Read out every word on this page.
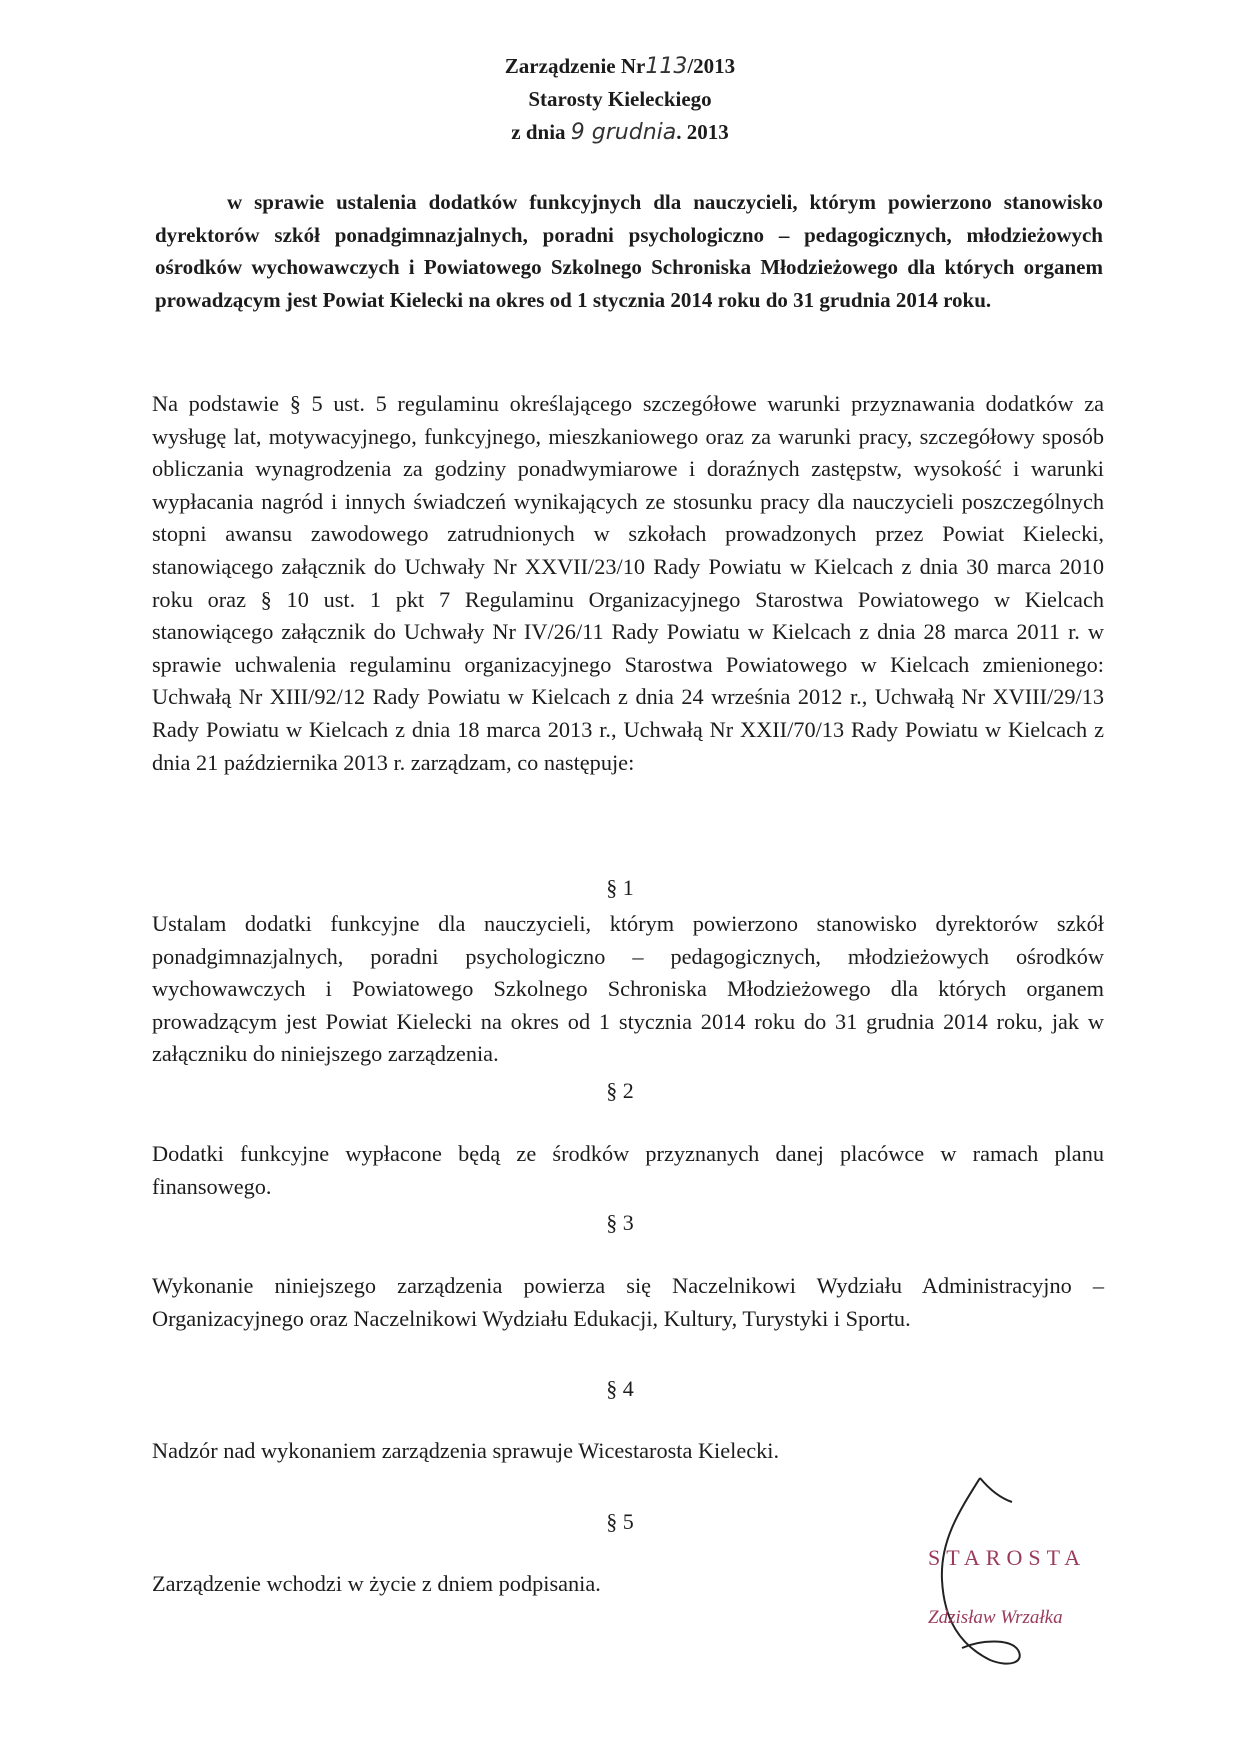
Zarządzenie Nr113/2013
Starosty Kieleckiego
z dnia 9 grudnia. 2013
w sprawie ustalenia dodatków funkcyjnych dla nauczycieli, którym powierzono stanowisko dyrektorów szkół ponadgimnazjalnych, poradni psychologiczno – pedagogicznych, młodzieżowych ośrodków wychowawczych i Powiatowego Szkolnego Schroniska Młodzieżowego dla których organem prowadzącym jest Powiat Kielecki na okres od 1 stycznia 2014 roku do 31 grudnia 2014 roku.
Na podstawie § 5 ust. 5 regulaminu określającego szczegółowe warunki przyznawania dodatków za wysługę lat, motywacyjnego, funkcyjnego, mieszkaniowego oraz za warunki pracy, szczegółowy sposób obliczania wynagrodzenia za godziny ponadwymiarowe i doraźnych zastępstw, wysokość i warunki wypłacania nagród i innych świadczeń wynikających ze stosunku pracy dla nauczycieli poszczególnych stopni awansu zawodowego zatrudnionych w szkołach prowadzonych przez Powiat Kielecki, stanowiącego załącznik do Uchwały Nr XXVII/23/10 Rady Powiatu w Kielcach z dnia 30 marca 2010 roku oraz § 10 ust. 1 pkt 7 Regulaminu Organizacyjnego Starostwa Powiatowego w Kielcach stanowiącego załącznik do Uchwały Nr IV/26/11 Rady Powiatu w Kielcach z dnia 28 marca 2011 r. w sprawie uchwalenia regulaminu organizacyjnego Starostwa Powiatowego w Kielcach zmienionego: Uchwałą Nr XIII/92/12 Rady Powiatu w Kielcach z dnia 24 września 2012 r., Uchwałą Nr XVIII/29/13 Rady Powiatu w Kielcach z dnia 18 marca 2013 r., Uchwałą Nr XXII/70/13 Rady Powiatu w Kielcach z dnia 21 października 2013 r. zarządzam, co następuje:
§ 1
Ustalam dodatki funkcyjne dla nauczycieli, którym powierzono stanowisko dyrektorów szkół ponadgimnazjalnych, poradni psychologiczno – pedagogicznych, młodzieżowych ośrodków wychowawczych i Powiatowego Szkolnego Schroniska Młodzieżowego dla których organem prowadzącym jest Powiat Kielecki na okres od 1 stycznia 2014 roku do 31 grudnia 2014 roku, jak w załączniku do niniejszego zarządzenia.
§ 2
Dodatki funkcyjne wypłacone będą ze środków przyznanych danej placówce w ramach planu finansowego.
§ 3
Wykonanie niniejszego zarządzenia powierza się Naczelnikowi Wydziału Administracyjno – Organizacyjnego oraz Naczelnikowi Wydziału Edukacji, Kultury, Turystyki i Sportu.
§ 4
Nadzór nad wykonaniem zarządzenia sprawuje Wicestarosta Kielecki.
§ 5
Zarządzenie wchodzi w życie z dniem podpisania.
STAROSTA
Zdzisław Wrzałka
